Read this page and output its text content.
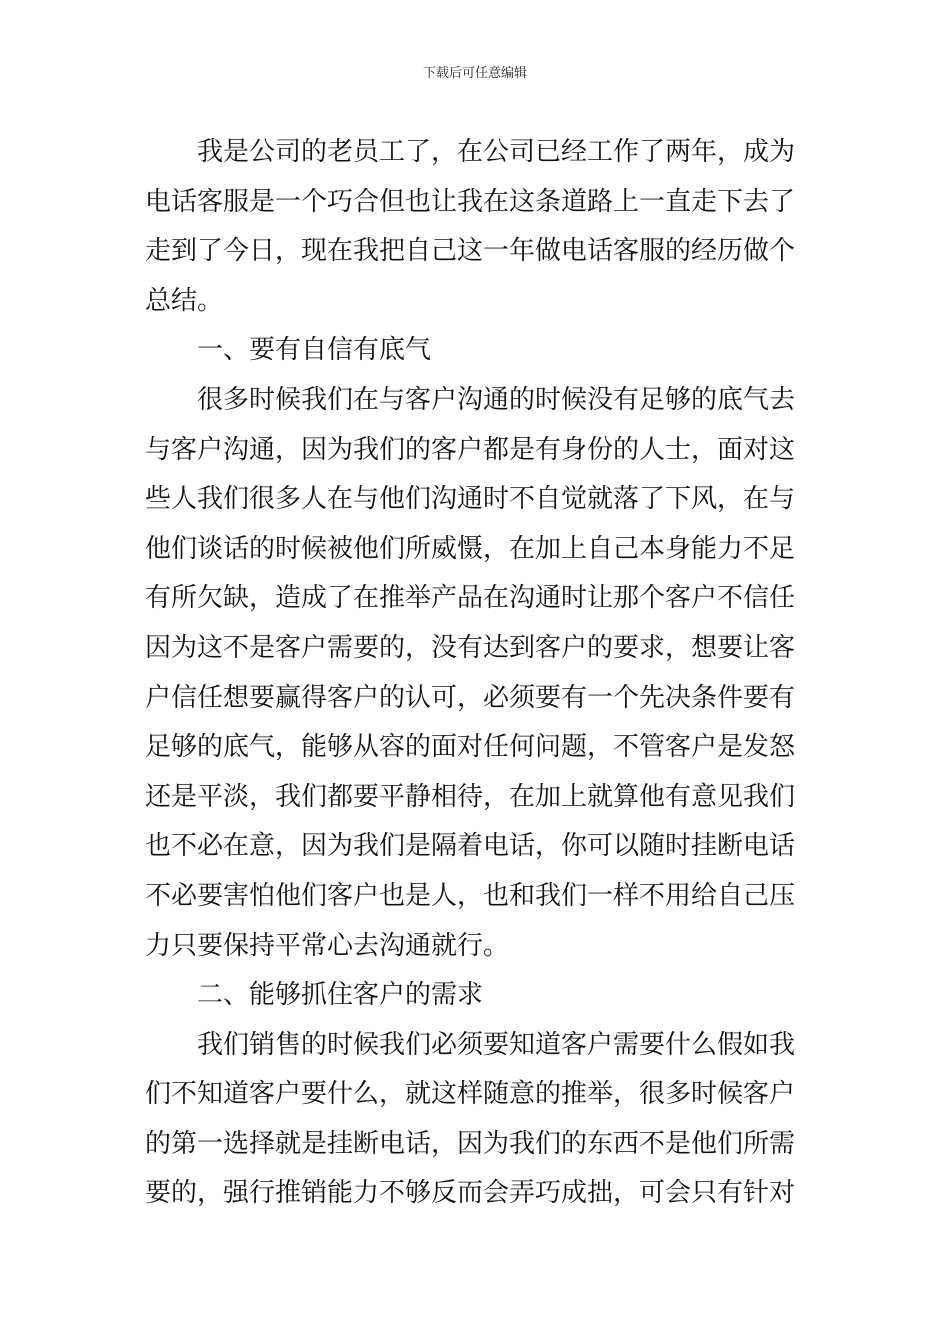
下载后可任意编辑
我是公司的老员工了，在公司已经工作了两年，成为
电话客服是一个巧合但也让我在这条道路上一直走下去了
走到了今日，现在我把自己这一年做电话客服的经历做个
总结。
一、要有自信有底气
很多时候我们在与客户沟通的时候没有足够的底气去
与客户沟通，因为我们的客户都是有身份的人士，面对这
些人我们很多人在与他们沟通时不自觉就落了下风，在与
他们谈话的时候被他们所威慑，在加上自己本身能力不足
有所欠缺，造成了在推举产品在沟通时让那个客户不信任
因为这不是客户需要的，没有达到客户的要求，想要让客
户信任想要赢得客户的认可，必须要有一个先决条件要有
足够的底气，能够从容的面对任何问题，不管客户是发怒
还是平淡，我们都要平静相待，在加上就算他有意见我们
也不必在意，因为我们是隔着电话，你可以随时挂断电话
不必要害怕他们客户也是人，也和我们一样不用给自己压
力只要保持平常心去沟通就行。
二、能够抓住客户的需求
我们销售的时候我们必须要知道客户需要什么假如我
们不知道客户要什么，就这样随意的推举，很多时候客户
的第一选择就是挂断电话，因为我们的东西不是他们所需
要的，强行推销能力不够反而会弄巧成拙，可会只有针对
